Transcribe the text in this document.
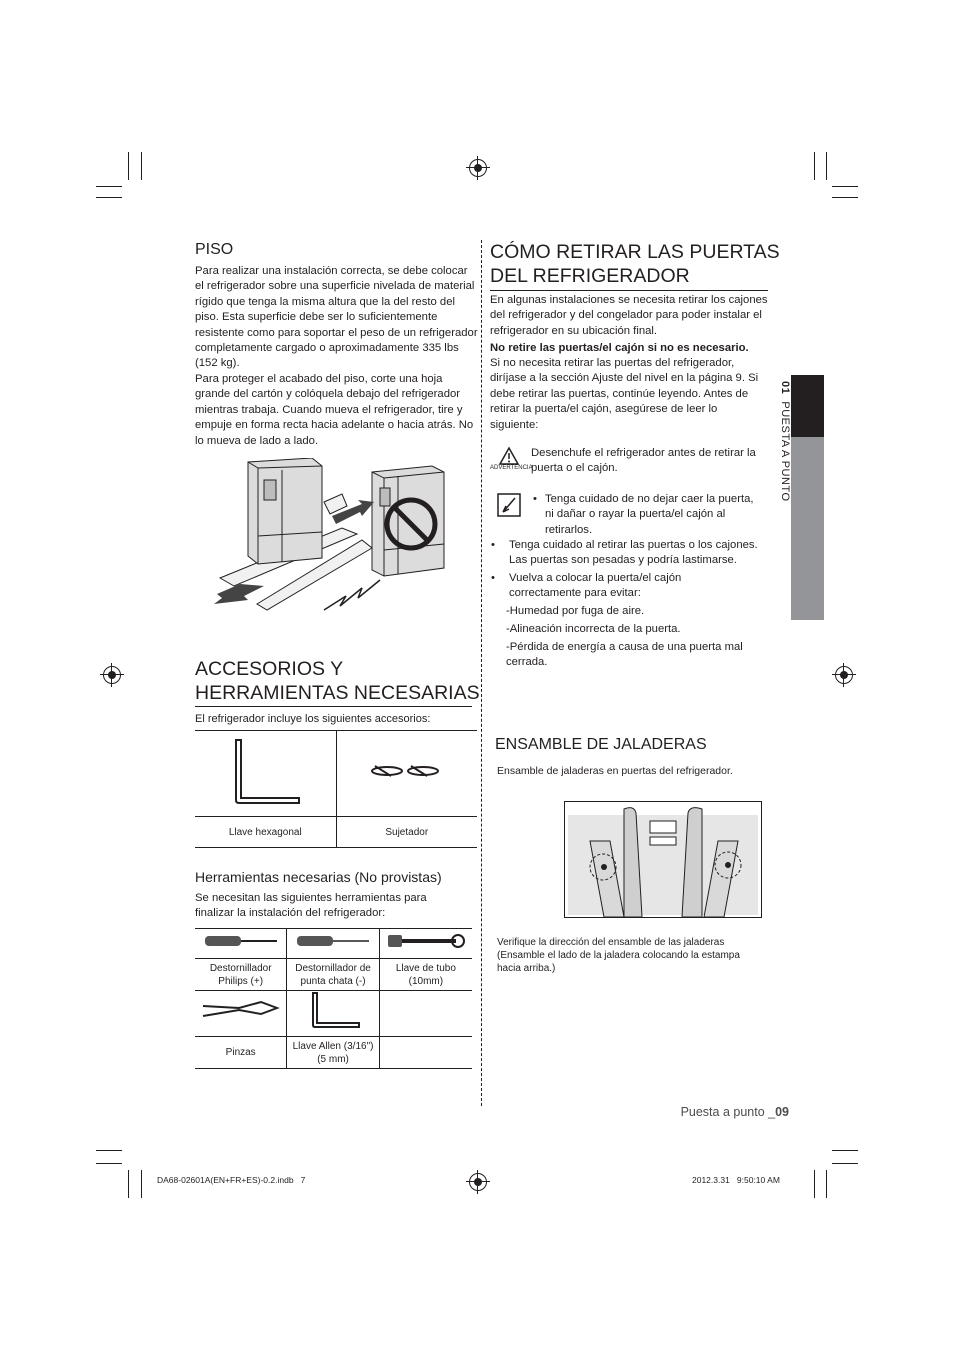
PISO

Para realizar una instalación correcta, se debe colocar el refrigerador sobre una superficie nivelada de material rígido que tenga la misma altura que la del resto del piso. Esta superficie debe ser lo suficientemente resistente como para soportar el peso de un refrigerador completamente cargado o aproximadamente 335 lbs (152 kg).

Para proteger el acabado del piso, corte una hoja grande del cartón y colóquela debajo del refrigerador mientras trabaja. Cuando mueva el refrigerador, tire y empuje en forma recta hacia adelante o hacia atrás. No lo mueva de lado a lado.

ACCESORIOS Y
HERRAMIENTAS NECESARIAS

El refrigerador incluye los siguientes accesorios:

Llave hexagonal	Sujetador
Herramientas necesarias (No provistas)

Se necesitan las siguientes herramientas para finalizar la instalación del refrigerador:

Destornillador Philips (+)	Destornillador de punta chata (-)	Llave de tubo (10mm)

Pinzas	Llave Allen (3/16") (5 mm)	
CÓMO RETIRAR LAS PUERTAS
DEL REFRIGERADOR

En algunas instalaciones se necesita retirar los cajones del refrigerador y del congelador para poder instalar el refrigerador en su ubicación final.

No retire las puertas/el cajón si no es necesario.

Si no necesita retirar las puertas del refrigerador, diríjase a la sección Ajuste del nivel en la página 9. Si debe retirar las puertas, continúe leyendo. Antes de retirar la puerta/el cajón, asegúrese de leer lo siguiente:

ADVERTENCIA

Desenchufe el refrigerador antes de retirar la puerta o el cajón.

• Tenga cuidado de no dejar caer la puerta, ni dañar o rayar la puerta/el cajón al retirarlos.

• Tenga cuidado al retirar las puertas o los cajones. Las puertas son pesadas y podría lastimarse.

• Vuelva a colocar la puerta/el cajón correctamente para evitar:

-Humedad por fuga de aire.

-Alineación incorrecta de la puerta.

-Pérdida de energía a causa de una puerta mal cerrada.

ENSAMBLE DE JALADERAS

Ensamble de jaladeras en puertas del refrigerador.

Verifique la dirección del ensamble de las jaladeras (Ensamble el lado de la jaladera colocando la estampa hacia arriba.)

01  PUESTA A PUNTO
Puesta a punto _09
DA68-02601A(EN+FR+ES)-0.2.indb   7	2012.3.31   9:50:10 AM
